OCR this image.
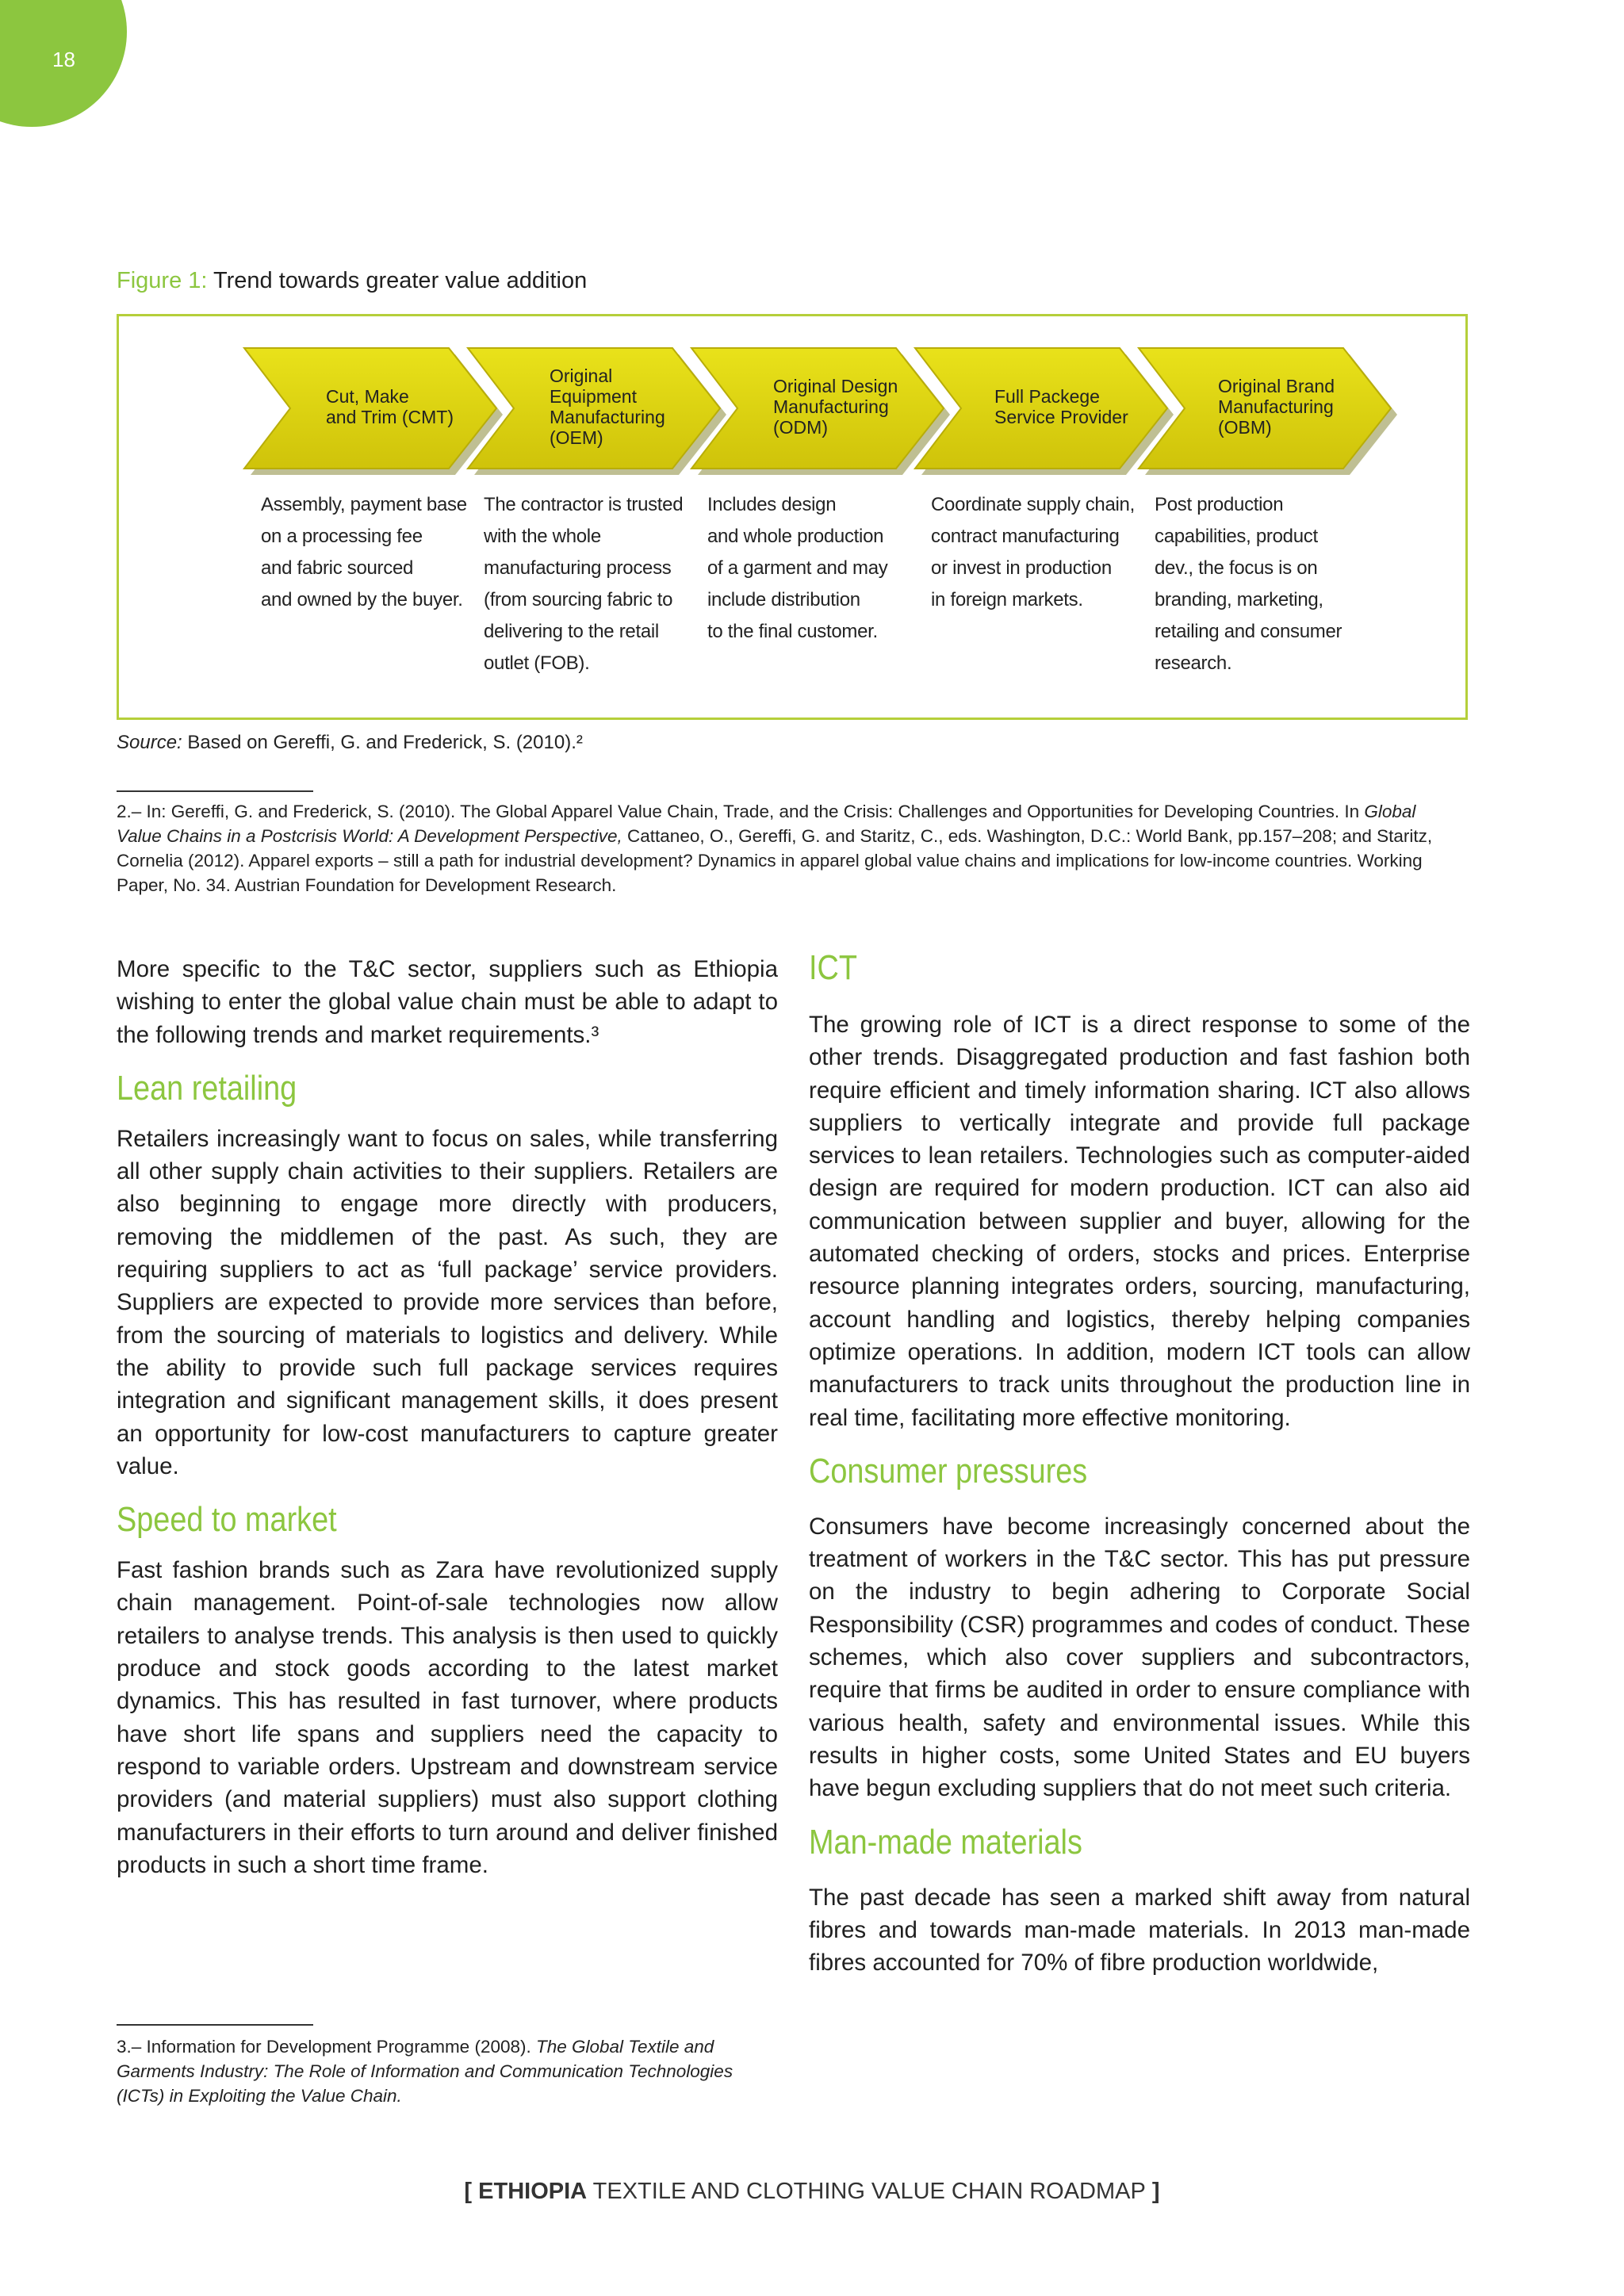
18
Figure 1: Trend towards greater value addition
Cut, Make
and Trim (CMT)
Original
Equipment
Manufacturing
(OEM)
Original Design
Manufacturing
(ODM)
Full Packege
Service Provider
Original Brand
Manufacturing
(OBM)
Assembly, payment base
on a processing fee
and fabric sourced
and owned by the buyer.
The contractor is trusted
with the whole
manufacturing process
(from sourcing fabric to
delivering to the retail
outlet (FOB).
Includes design
and whole production
of a garment and may
include distribution
to the final customer.
Coordinate supply chain,
contract manufacturing
or invest in production
in foreign markets.
Post production
capabilities, product
dev., the focus is on
branding, marketing,
retailing and consumer
research.
Source: Based on Gereffi, G. and Frederick, S. (2010).²
2.– In: Gereffi, G. and Frederick, S. (2010). The Global Apparel Value Chain, Trade, and the Crisis: Challenges and Opportunities for Developing Countries. In Global Value Chains in a Postcrisis World: A Development Perspective, Cattaneo, O., Gereffi, G. and Staritz, C., eds. Washington, D.C.: World Bank, pp.157–208; and Staritz, Cornelia (2012). Apparel exports – still a path for industrial development? Dynamics in apparel global value chains and implications for low-income countries. Working Paper, No. 34. Austrian Foundation for Development Research.

More specific to the T&C sector, suppliers such as Ethiopia wishing to enter the global value chain must be able to adapt to the following trends and market requirements.³

Lean retailing

Retailers increasingly want to focus on sales, while transferring all other supply chain activities to their suppliers. Retailers are also beginning to engage more directly with producers, removing the middlemen of the past. As such, they are requiring suppliers to act as ‘full package’ service providers. Suppliers are expected to provide more services than before, from the sourcing of materials to logistics and delivery. While the ability to provide such full package services requires integration and significant management skills, it does present an opportunity for low-cost manufacturers to capture greater value.

Speed to market

Fast fashion brands such as Zara have revolutionized supply chain management. Point-of-sale technologies now allow retailers to analyse trends. This analysis is then used to quickly produce and stock goods according to the latest market dynamics. This has resulted in fast turnover, where products have short life spans and suppliers need the capacity to respond to variable orders. Upstream and downstream service providers (and material suppliers) must also support clothing manufacturers in their efforts to turn around and deliver finished products in such a short time frame.

3.– Information for Development Programme (2008). The Global Textile and Garments Industry: The Role of Information and Communication Technologies (ICTs) in Exploiting the Value Chain.
ICT

The growing role of ICT is a direct response to some of the other trends. Disaggregated production and fast fashion both require efficient and timely information sharing. ICT also allows suppliers to vertically integrate and provide full package services to lean retailers. Technologies such as computer-aided design are required for modern production. ICT can also aid communication between supplier and buyer, allowing for the automated checking of orders, stocks and prices. Enterprise resource planning integrates orders, sourcing, manufacturing, account handling and logistics, thereby helping companies optimize operations. In addition, modern ICT tools can allow manufacturers to track units throughout the production line in real time, facilitating more effective monitoring.

Consumer pressures

Consumers have become increasingly concerned about the treatment of workers in the T&C sector. This has put pressure on the industry to begin adhering to Corporate Social Responsibility (CSR) programmes and codes of conduct. These schemes, which also cover suppliers and subcontractors, require that firms be audited in order to ensure compliance with various health, safety and environmental issues. While this results in higher costs, some United States and EU buyers have begun excluding suppliers that do not meet such criteria.

Man-made materials

The past decade has seen a marked shift away from natural fibres and towards man-made materials. In 2013 man-made fibres accounted for 70% of fibre production worldwide,

[ ETHIOPIA TEXTILE AND CLOTHING VALUE CHAIN ROADMAP ]
